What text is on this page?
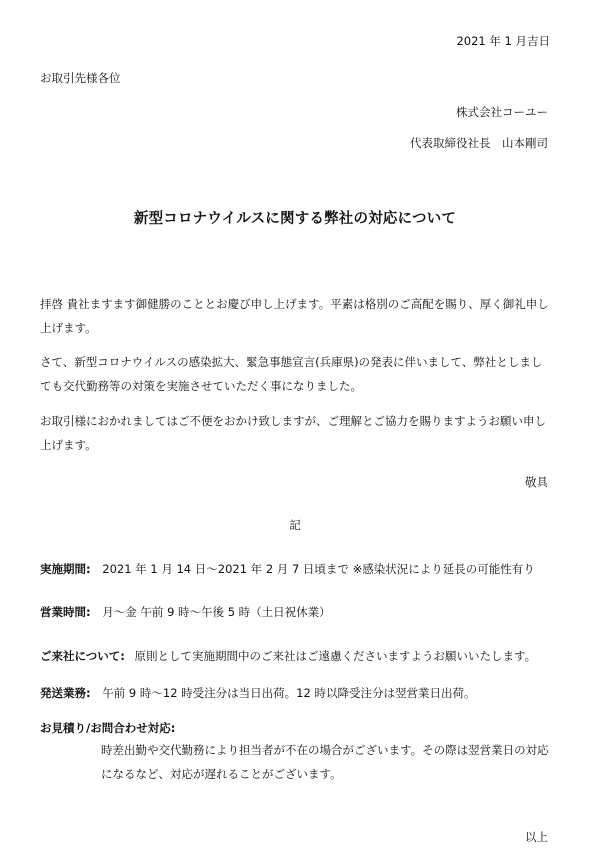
2021 年 1 月吉日
お取引先様各位
株式会社コーユー
代表取締役社長　山本剛司
新型コロナウイルスに関する弊社の対応について
拝啓 貴社ますます御健勝のこととお慶び申し上げます。平素は格別のご高配を賜り、厚く御礼申し上げます。
さて、新型コロナウイルスの感染拡大、緊急事態宣言(兵庫県)の発表に伴いまして、弊社としましても交代勤務等の対策を実施させていただく事になりました。
お取引様におかれましてはご不便をおかけ致しますが、ご理解とご協力を賜りますようお願い申し上げます。
敬具
記
実施期間: 2021 年 1 月 14 日～2021 年 2 月 7 日頃まで ※感染状況により延長の可能性有り
営業時間: 月～金 午前 9 時～午後 5 時（土日祝休業）
ご来社について: 原則として実施期間中のご来社はご遠慮くださいますようお願いいたします。
発送業務: 午前 9 時～12 時受注分は当日出荷。12 時以降受注分は翌営業日出荷。
お見積り/お問合わせ対応:
時差出勤や交代勤務により担当者が不在の場合がございます。その際は翌営業日の対応になるなど、対応が遅れることがございます。
以上
